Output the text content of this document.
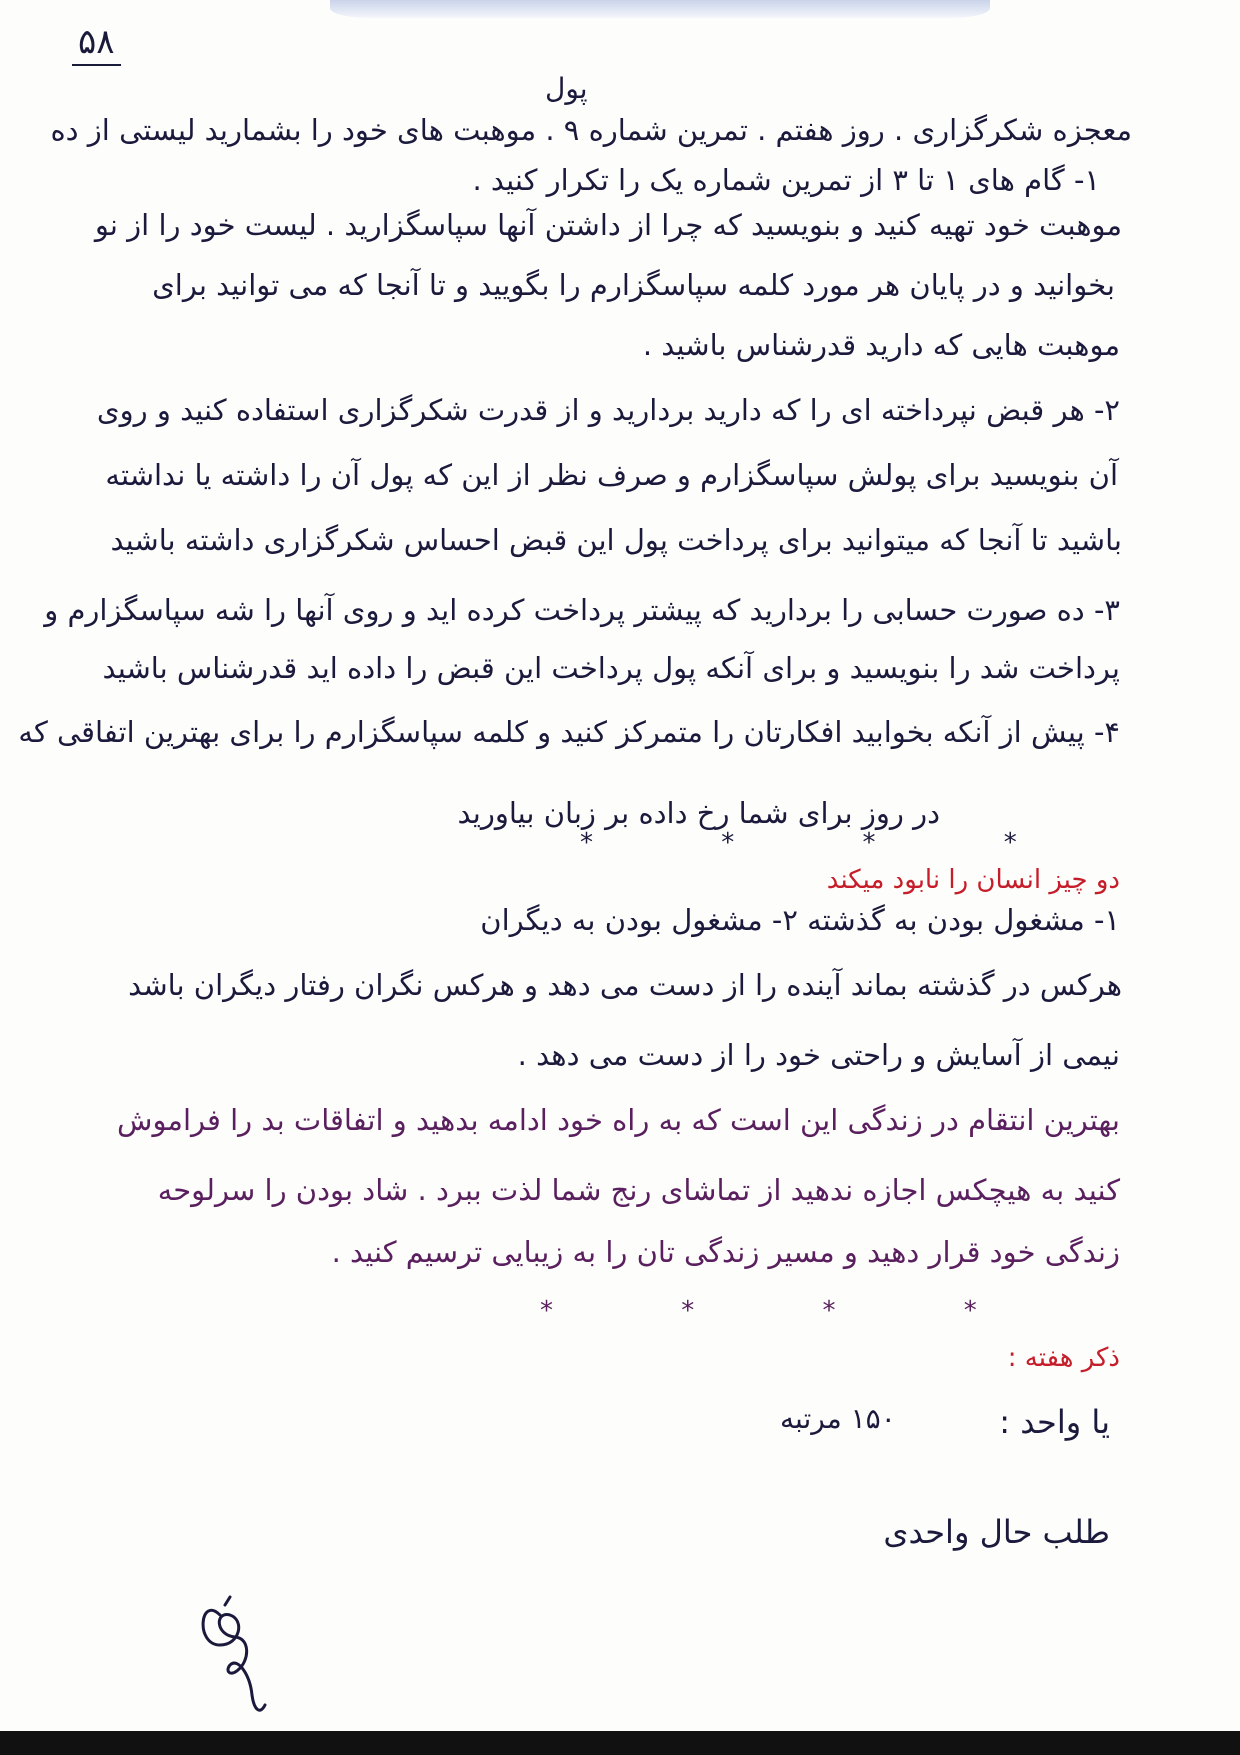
۵۸
پول
معجزه شکرگزاری . روز هفتم . تمرین شماره ۹ . موهبت های خود را بشمارید لیستی از ده
۱- گام های ۱ تا ۳ از تمرین شماره یک را تکرار کنید .
موهبت خود تهیه کنید و بنویسید که چرا از داشتن آنها سپاسگزارید . لیست خود را از نو
بخوانید و در پایان هر مورد کلمه سپاسگزارم را بگویید و تا آنجا که می توانید برای
موهبت هایی که دارید قدرشناس باشید .
۲- هر قبض نپرداخته ای را که دارید بردارید و از قدرت شکرگزاری استفاده کنید و روی
آن بنویسید برای پولش سپاسگزارم و صرف نظر از این که پول آن را داشته یا نداشته
باشید تا آنجا که میتوانید برای پرداخت پول این قبض احساس شکرگزاری داشته باشید
۳- ده صورت حسابی را بردارید که پیشتر پرداخت کرده اید و روی آنها را شه سپاسگزارم و
پرداخت شد را بنویسید و برای آنکه پول پرداخت این قبض را داده اید قدرشناس باشید
۴- پیش از آنکه بخوابید افکارتان را متمرکز کنید و کلمه سپاسگزارم را برای بهترین اتفاقی که
در روز برای شما رخ داده بر زبان بیاورید
* * * *
دو چیز انسان را نابود میکند
۱- مشغول بودن به گذشته ۲- مشغول بودن به دیگران
هرکس در گذشته بماند آینده را از دست می دهد و هرکس نگران رفتار دیگران باشد
نیمی از آسایش و راحتی خود را از دست می دهد .
بهترین انتقام در زندگی این است که به راه خود ادامه بدهید و اتفاقات بد را فراموش
کنید به هیچکس اجازه ندهید از تماشای رنج شما لذت ببرد . شاد بودن را سرلوحه
زندگی خود قرار دهید و مسیر زندگی تان را به زیبایی ترسیم کنید .
* * * *
ذکر هفته :
یا واحد :
۱۵۰ مرتبه
طلب حال واحدی
